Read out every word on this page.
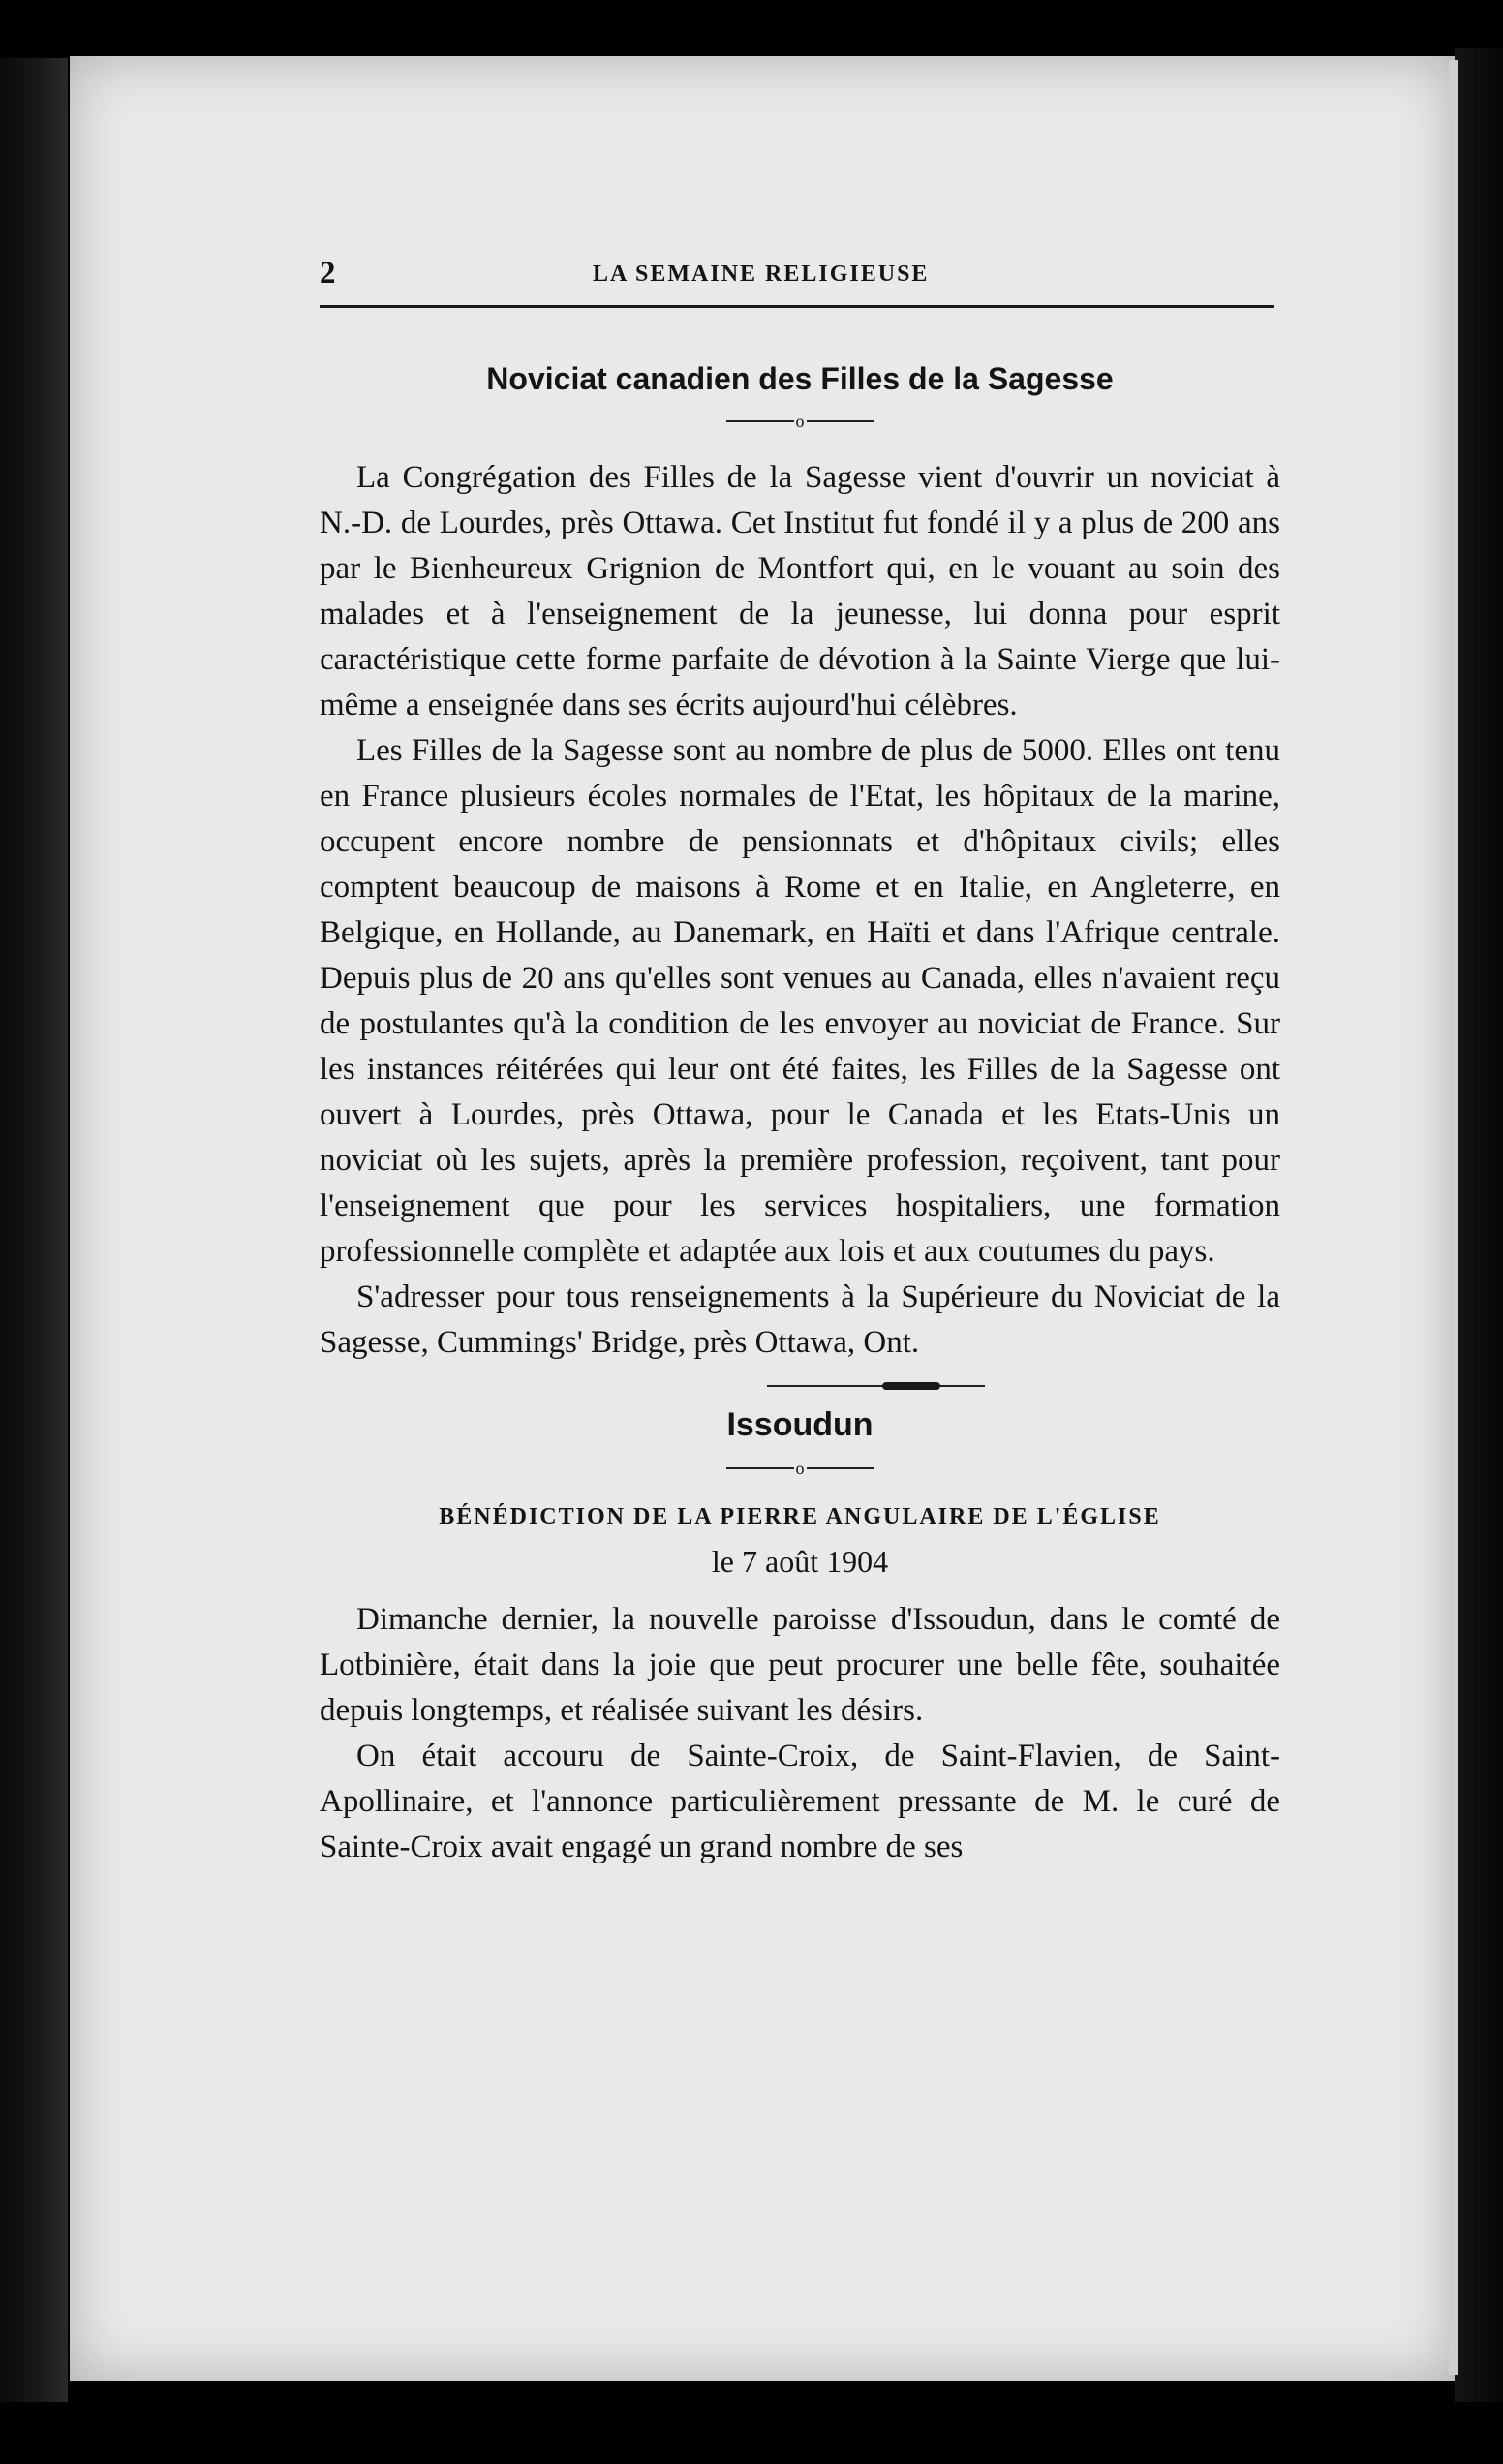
2	LA SEMAINE RELIGIEUSE
Noviciat canadien des Filles de la Sagesse
o

La Congrégation des Filles de la Sagesse vient d'ouvrir un noviciat à N.-D. de Lourdes, près Ottawa. Cet Institut fut fondé il y a plus de 200 ans par le Bienheureux Grignion de Montfort qui, en le vouant au soin des malades et à l'enseignement de la jeunesse, lui donna pour esprit caractéristique cette forme parfaite de dévotion à la Sainte Vierge que lui-même a enseignée dans ses écrits aujourd'hui célèbres.

Les Filles de la Sagesse sont au nombre de plus de 5000. Elles ont tenu en France plusieurs écoles normales de l'Etat, les hôpitaux de la marine, occupent encore nombre de pensionnats et d'hôpitaux civils; elles comptent beaucoup de maisons à Rome et en Italie, en Angleterre, en Belgique, en Hollande, au Danemark, en Haïti et dans l'Afrique centrale. Depuis plus de 20 ans qu'elles sont venues au Canada, elles n'avaient reçu de postulantes qu'à la condition de les envoyer au noviciat de France. Sur les instances réitérées qui leur ont été faites, les Filles de la Sagesse ont ouvert à Lourdes, près Ottawa, pour le Canada et les Etats-Unis un noviciat où les sujets, après la première profession, reçoivent, tant pour l'enseignement que pour les services hospitaliers, une formation professionnelle complète et adaptée aux lois et aux coutumes du pays.

S'adresser pour tous renseignements à la Supérieure du Noviciat de la Sagesse, Cummings' Bridge, près Ottawa, Ont.

Issoudun
o
BÉNÉDICTION DE LA PIERRE ANGULAIRE DE L'ÉGLISE
le 7 août 1904

Dimanche dernier, la nouvelle paroisse d'Issoudun, dans le comté de Lotbinière, était dans la joie que peut procurer une belle fête, souhaitée depuis longtemps, et réalisée suivant les désirs.

On était accouru de Sainte-Croix, de Saint-Flavien, de Saint-Apollinaire, et l'annonce particulièrement pressante de M. le curé de Sainte-Croix avait engagé un grand nombre de ses
